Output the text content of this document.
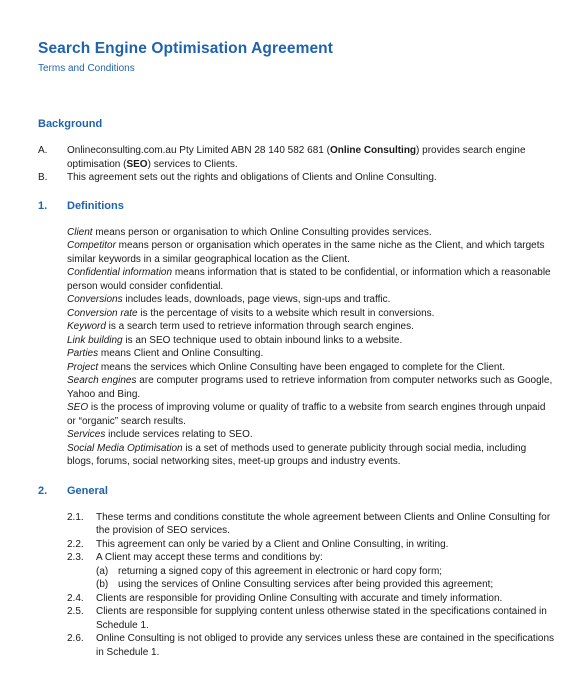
Search Engine Optimisation Agreement
Terms and Conditions
Background
A.	Onlineconsulting.com.au Pty Limited ABN 28 140 582 681 (Online Consulting) provides search engine optimisation (SEO) services to Clients.
B.	This agreement sets out the rights and obligations of Clients and Online Consulting.
1.	Definitions
Client means person or organisation to which Online Consulting provides services.
Competitor means person or organisation which operates in the same niche as the Client, and which targets similar keywords in a similar geographical location as the Client.
Confidential information means information that is stated to be confidential, or information which a reasonable person would consider confidential.
Conversions includes leads, downloads, page views, sign-ups and traffic.
Conversion rate is the percentage of visits to a website which result in conversions.
Keyword is a search term used to retrieve information through search engines.
Link building is an SEO technique used to obtain inbound links to a website.
Parties means Client and Online Consulting.
Project means the services which Online Consulting have been engaged to complete for the Client.
Search engines are computer programs used to retrieve information from computer networks such as Google, Yahoo and Bing.
SEO is the process of improving volume or quality of traffic to a website from search engines through unpaid or “organic” search results.
Services include services relating to SEO.
Social Media Optimisation is a set of methods used to generate publicity through social media, including blogs, forums, social networking sites, meet-up groups and industry events.
2.	General
2.1.	These terms and conditions constitute the whole agreement between Clients and Online Consulting for the provision of SEO services.
2.2.	This agreement can only be varied by a Client and Online Consulting, in writing.
2.3.	A Client may accept these terms and conditions by:
(a) returning a signed copy of this agreement in electronic or hard copy form;
(b) using the services of Online Consulting services after being provided this agreement;
2.4.	Clients are responsible for providing Online Consulting with accurate and timely information.
2.5.	Clients are responsible for supplying content unless otherwise stated in the specifications contained in Schedule 1.
2.6.	Online Consulting is not obliged to provide any services unless these are contained in the specifications in Schedule 1.
